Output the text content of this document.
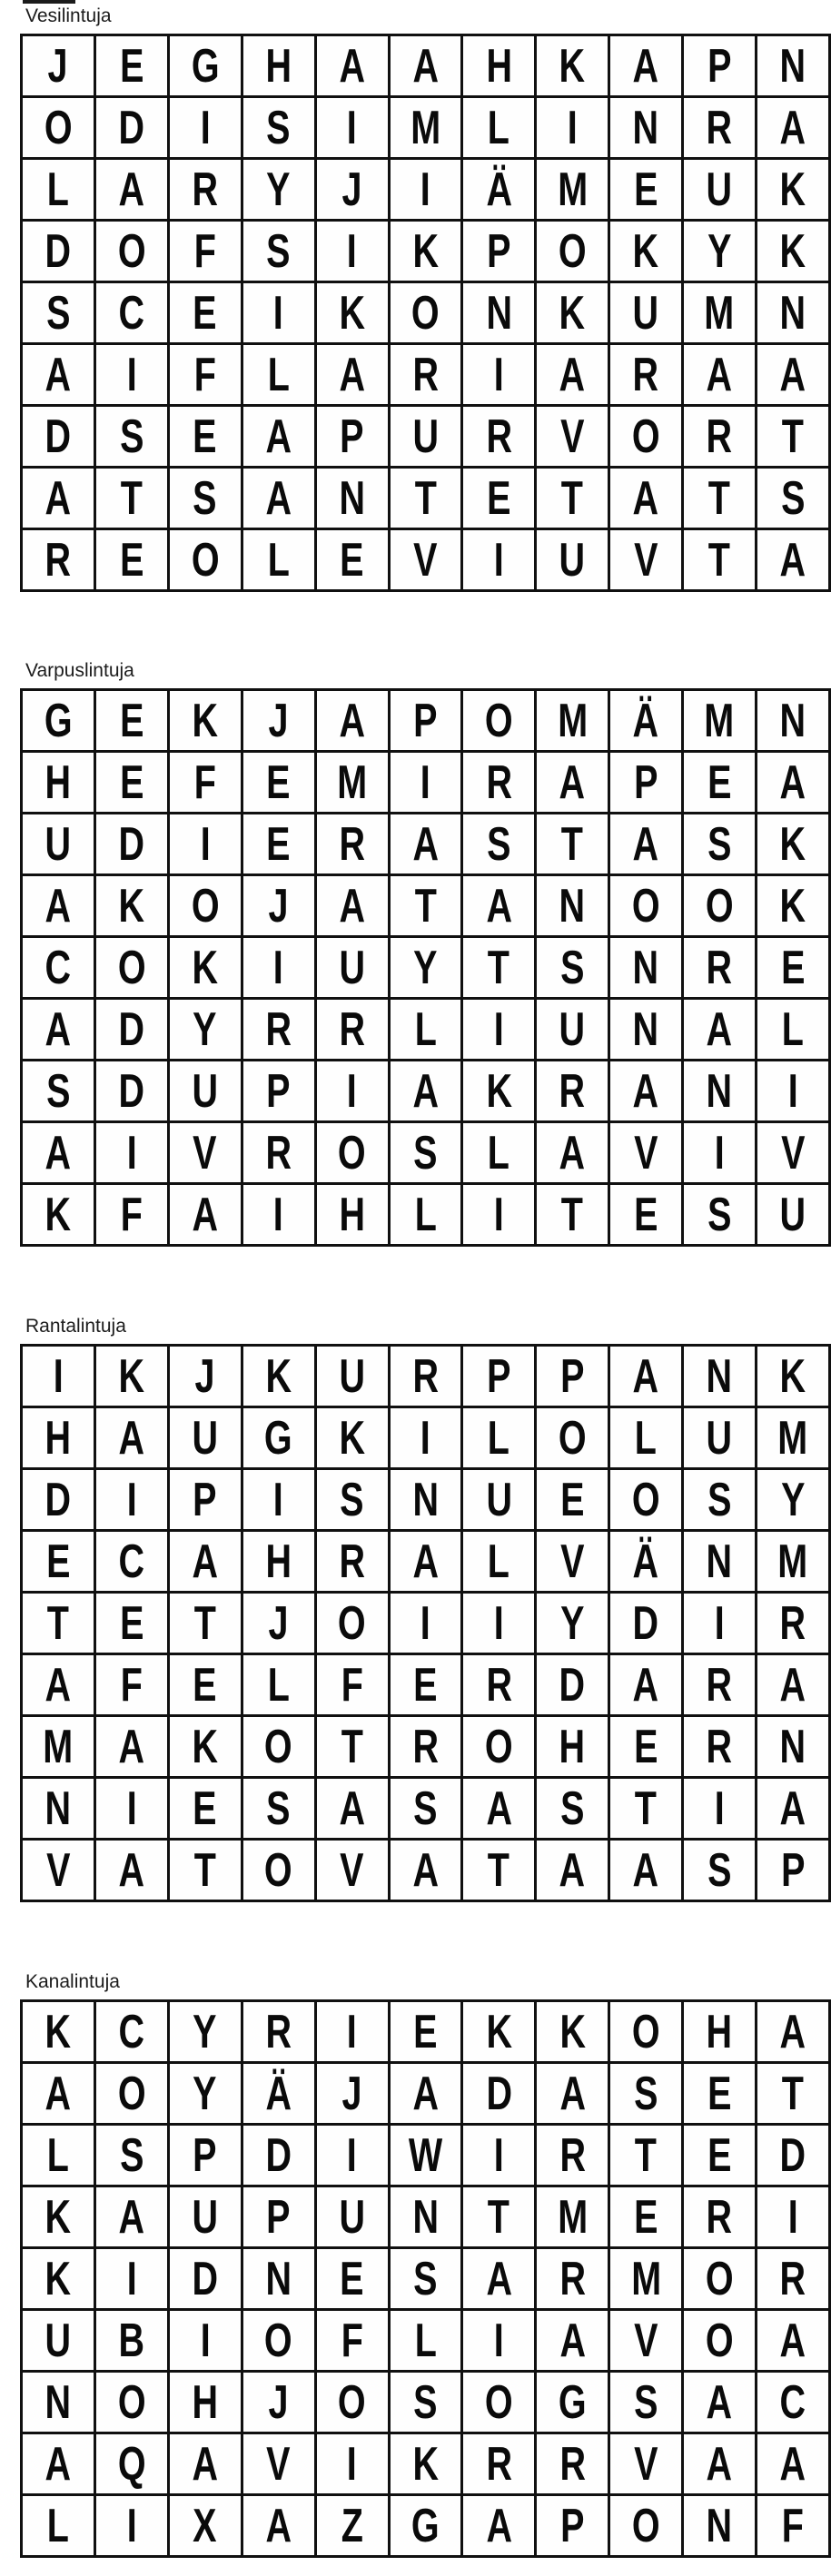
Vesilintuja
J	E	G	H	A	A	H	K	A	P	N
O	D	I	S	I	M	L	I	N	R	A
L	A	R	Y	J	I	Ä	M	E	U	K
D	O	F	S	I	K	P	O	K	Y	K
S	C	E	I	K	O	N	K	U	M	N
A	I	F	L	A	R	I	A	R	A	A
D	S	E	A	P	U	R	V	O	R	T
A	T	S	A	N	T	E	T	A	T	S
R	E	O	L	E	V	I	U	V	T	A
Varpuslintuja
G	E	K	J	A	P	O	M	Ä	M	N
H	E	F	E	M	I	R	A	P	E	A
U	D	I	E	R	A	S	T	A	S	K
A	K	O	J	A	T	A	N	O	O	K
C	O	K	I	U	Y	T	S	N	R	E
A	D	Y	R	R	L	I	U	N	A	L
S	D	U	P	I	A	K	R	A	N	I
A	I	V	R	O	S	L	A	V	I	V
K	F	A	I	H	L	I	T	E	S	U
Rantalintuja
I	K	J	K	U	R	P	P	A	N	K
H	A	U	G	K	I	L	O	L	U	M
D	I	P	I	S	N	U	E	O	S	Y
E	C	A	H	R	A	L	V	Ä	N	M
T	E	T	J	O	I	I	Y	D	I	R
A	F	E	L	F	E	R	D	A	R	A
M	A	K	O	T	R	O	H	E	R	N
N	I	E	S	A	S	A	S	T	I	A
V	A	T	O	V	A	T	A	A	S	P
Kanalintuja
K	C	Y	R	I	E	K	K	O	H	A
A	O	Y	Ä	J	A	D	A	S	E	T
L	S	P	D	I	W	I	R	T	E	D
K	A	U	P	U	N	T	M	E	R	I
K	I	D	N	E	S	A	R	M	O	R
U	B	I	O	F	L	I	A	V	O	A
N	O	H	J	O	S	O	G	S	A	C
A	Q	A	V	I	K	R	R	V	A	A
L	I	X	A	Z	G	A	P	O	N	F
